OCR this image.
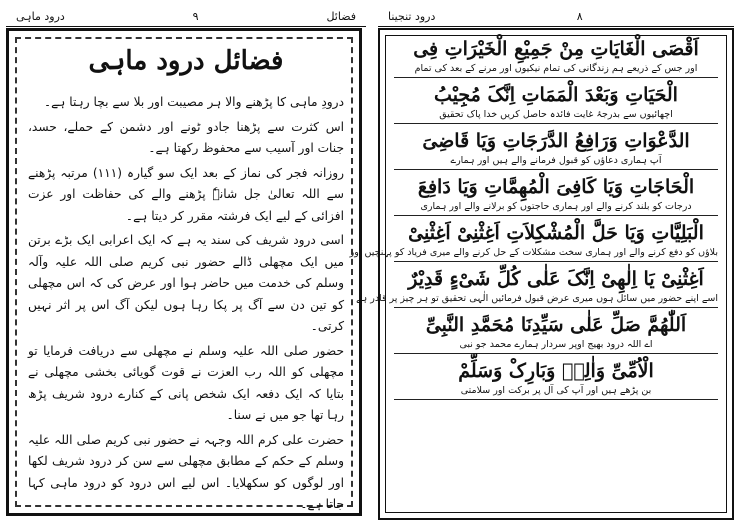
درود ماہی	۹	فضائل
فضائل درود ماہی

درودِ ماہی کا پڑھنے والا ہر مصیبت اور بلا سے بچا رہتا ہے۔

اس کثرت سے پڑھنا جادو ٹونے اور دشمن کے حملے، حسد، جنات اور آسیب سے محفوظ رکھتا ہے۔

روزانہ فجر کی نماز کے بعد ایک سو گیارہ (۱۱۱) مرتبہ پڑھنے سے اللہ تعالیٰ جل شانہٗ پڑھنے والے کی حفاظت اور عزت افزائی کے لیے ایک فرشتہ مقرر کر دیتا ہے۔

اسی درود شریف کی سند یہ ہے کہ ایک اعرابی ایک بڑے برتن میں ایک مچھلی ڈالے حضور نبی کریم صلی اللہ علیہ وآلہ وسلم کی خدمت میں حاضر ہوا اور عرض کی کہ اس مچھلی کو تین دن سے آگ پر پکا رہا ہوں لیکن آگ اس پر اثر نہیں کرتی۔

حضور صلی اللہ علیہ وسلم نے مچھلی سے دریافت فرمایا تو مچھلی کو اللہ رب العزت نے قوت گویائی بخشی مچھلی نے بتایا کہ ایک دفعہ ایک شخص پانی کے کنارے درود شریف پڑھ رہا تھا جو میں نے سنا۔

حضرت علی کرم اللہ وجہہ نے حضور نبی کریم صلی اللہ علیہ وسلم کے حکم کے مطابق مچھلی سے سن کر درود شریف لکھا اور لوگوں کو سکھلایا۔ اس لیے اس درود کو درود ماہی کہا جاتا ہے۔

درود تنجینا	۸
اَقْصَی الْغَایَاتِ مِنْ جَمِیْعِ الْخَیْرَاتِ فِی
اور جس کے ذریعے ہم زندگانی کی تمام نیکیوں اور مرنے کے بعد کی تمام
الْحَیَاتِ وَبَعْدَ الْمَمَاتِ اِنَّکَ مُجِیْبُ
اچھائیوں سے بدرجۂ غایت فائدہ حاصل کریں خدا پاک تحقیق
الدَّعْوَاتِ وَرَافِعُ الدَّرَجَاتِ وَیَا قَاضِیَ
آپ ہماری دعاؤں کو قبول فرمانے والے ہیں اور ہمارے
الْحَاجَاتِ وَیَا کَافِیَ الْمُهِمَّاتِ وَیَا دَافِعَ
درجات کو بلند کرنے والے اور ہماری حاجتوں کو برلانے والے اور ہماری
الْبَلِیَّاتِ وَیَا حَلَّ الْمُشْکِلاَتِ اَغِثْنِیْ اَغِثْنِیْ
بلاؤں کو دفع کرنے والے اور ہماری سخت مشکلات کے حل کرنے والے میری فریاد کو پہنچیں اور
اَغِثْنِیْ یَا اِلٰهِیْ اِنَّکَ عَلٰی کُلِّ شَیْءٍ قَدِیْرٌ
اسے اپنے حضور میں سائل ہوں میری عرض قبول فرمائیں الٰہی تحقیق تو ہر چیز پر قادر ہے
اَللّٰهُمَّ صَلِّ عَلٰی سَیِّدِنَا مُحَمَّدِ النَّبِیِّ
اے اللہ درود بھیج اوپر سردار ہمارے محمد جو نبی
الْاُمِّیِّ وَاٰلِهٖ وَبَارِکْ وَسَلِّمْ
بن پڑھے ہیں اور آپ کی آل پر برکت اور سلامتی
